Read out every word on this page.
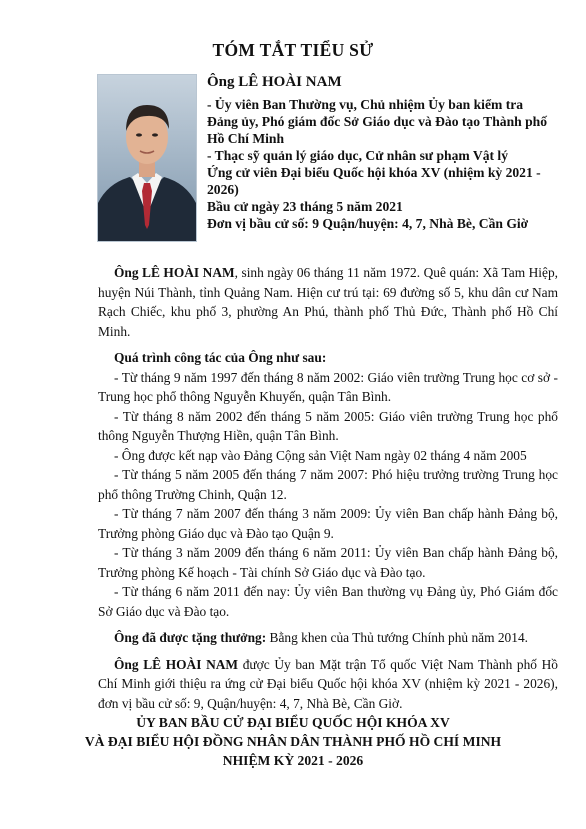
TÓM TẮT TIỂU SỬ

Ông LÊ HOÀI NAM

- Ủy viên Ban Thường vụ, Chủ nhiệm Ủy ban kiểm tra Đảng ủy, Phó giám đốc Sở Giáo dục và Đào tạo Thành phố Hồ Chí Minh

- Thạc sỹ quản lý giáo dục, Cử nhân sư phạm Vật lý

Ứng cử viên Đại biểu Quốc hội khóa XV (nhiệm kỳ 2021 - 2026)

Bầu cử ngày 23 tháng 5 năm 2021

Đơn vị bầu cử số: 9 Quận/huyện: 4, 7, Nhà Bè, Cần Giờ

Ông LÊ HOÀI NAM, sinh ngày 06 tháng 11 năm 1972. Quê quán: Xã Tam Hiệp, huyện Núi Thành, tỉnh Quảng Nam. Hiện cư trú tại: 69 đường số 5, khu dân cư Nam Rạch Chiếc, khu phố 3, phường An Phú, thành phố Thủ Đức, Thành phố Hồ Chí Minh.

Quá trình công tác của Ông như sau:

- Từ tháng 9 năm 1997 đến tháng 8 năm 2002: Giáo viên trường Trung học cơ sở - Trung học phổ thông Nguyễn Khuyến, quận Tân Bình.

- Từ tháng 8 năm 2002 đến tháng 5 năm 2005: Giáo viên trường Trung học phổ thông Nguyễn Thượng Hiền, quận Tân Bình.

- Ông được kết nạp vào Đảng Cộng sản Việt Nam ngày 02 tháng 4 năm 2005

- Từ tháng 5 năm 2005 đến tháng 7 năm 2007: Phó hiệu trưởng trường Trung học phổ thông Trường Chinh, Quận 12.

- Từ tháng 7 năm 2007 đến tháng 3 năm 2009: Ủy viên Ban chấp hành Đảng bộ, Trưởng phòng Giáo dục và Đào tạo Quận 9.

- Từ tháng 3 năm 2009 đến tháng 6 năm 2011: Ủy viên Ban chấp hành Đảng bộ, Trưởng phòng Kế hoạch - Tài chính Sở Giáo dục và Đào tạo.

- Từ tháng 6 năm 2011 đến nay: Ủy viên Ban thường vụ Đảng ủy, Phó Giám đốc Sở Giáo dục và Đào tạo.

Ông đã được tặng thưởng: Bằng khen của Thủ tướng Chính phủ năm 2014.

Ông LÊ HOÀI NAM được Ủy ban Mặt trận Tổ quốc Việt Nam Thành phố Hồ Chí Minh giới thiệu ra ứng cử Đại biểu Quốc hội khóa XV (nhiệm kỳ 2021 - 2026), đơn vị bầu cử số: 9, Quận/huyện: 4, 7, Nhà Bè, Cần Giờ.

ỦY BAN BẦU CỬ ĐẠI BIỂU QUỐC HỘI KHÓA XV
VÀ ĐẠI BIỂU HỘI ĐỒNG NHÂN DÂN THÀNH PHỐ HỒ CHÍ MINH
NHIỆM KỲ 2021 - 2026
